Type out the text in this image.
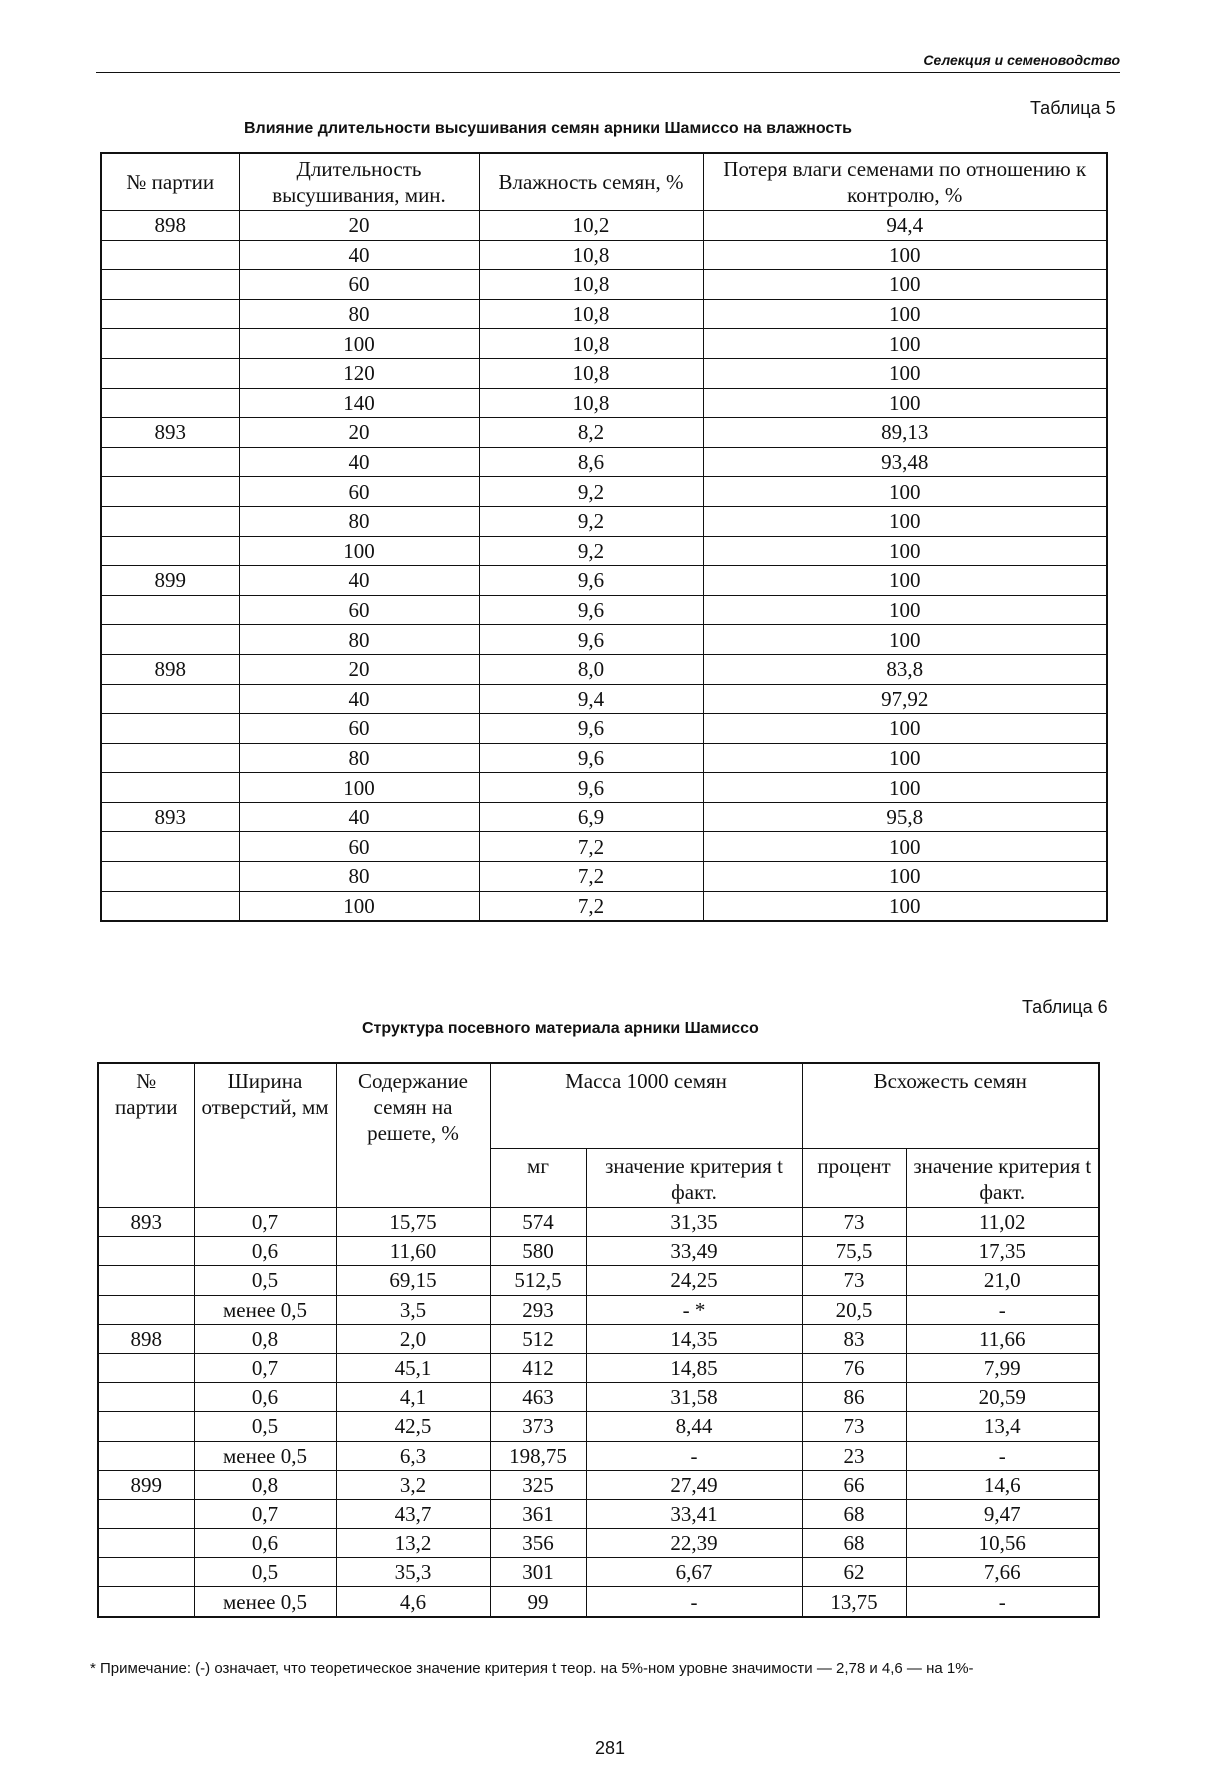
Селекция и семеноводство
Таблица 5
Влияние длительности высушивания семян арники Шамиссо на влажность
№ партии	Длительность высушивания, мин.	Влажность семян, %	Потеря влаги семенами по отношению к контролю, %
898	20	10,2	94,4
	40	10,8	100
	60	10,8	100
	80	10,8	100
	100	10,8	100
	120	10,8	100
	140	10,8	100
893	20	8,2	89,13
	40	8,6	93,48
	60	9,2	100
	80	9,2	100
	100	9,2	100
899	40	9,6	100
	60	9,6	100
	80	9,6	100
898	20	8,0	83,8
	40	9,4	97,92
	60	9,6	100
	80	9,6	100
	100	9,6	100
893	40	6,9	95,8
	60	7,2	100
	80	7,2	100
	100	7,2	100
Таблица 6
Структура посевного материала арники Шамиссо
№ партии	Ширина отверстий, мм	Содержание семян на решете, %	Масса 1000 семян		Всхожесть семян	
			мг	значение критерия t факт.	процент	значение критерия t факт.
893	0,7	15,75	574	31,35	73	11,02
	0,6	11,60	580	33,49	75,5	17,35
	0,5	69,15	512,5	24,25	73	21,0
	менее 0,5	3,5	293	- *	20,5	-
898	0,8	2,0	512	14,35	83	11,66
	0,7	45,1	412	14,85	76	7,99
	0,6	4,1	463	31,58	86	20,59
	0,5	42,5	373	8,44	73	13,4
	менее 0,5	6,3	198,75	-	23	-
899	0,8	3,2	325	27,49	66	14,6
	0,7	43,7	361	33,41	68	9,47
	0,6	13,2	356	22,39	68	10,56
	0,5	35,3	301	6,67	62	7,66
	менее 0,5	4,6	99	-	13,75	-
* Примечание: (-) означает, что теоретическое значение критерия t теор. на 5%-ном уровне значимости — 2,78 и 4,6 — на 1%-
281
